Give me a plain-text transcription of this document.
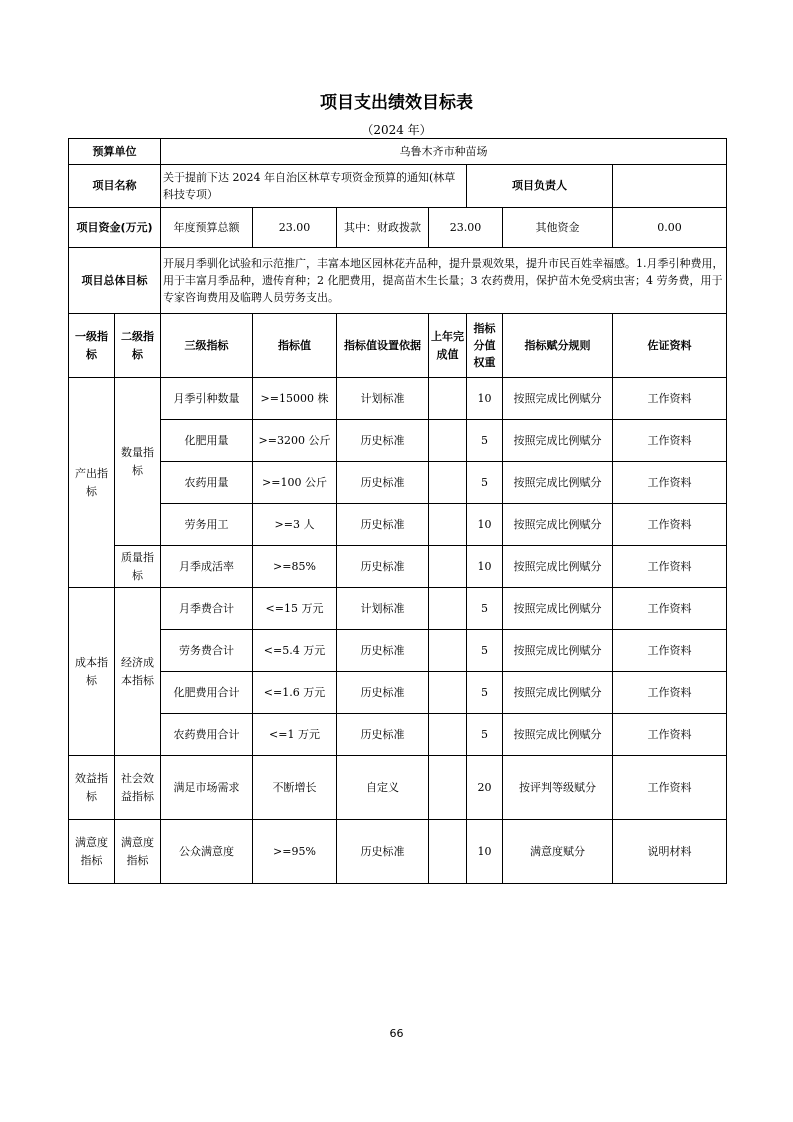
项目支出绩效目标表
（2024 年）
预算单位		乌鲁木齐市种苗场						
项目名称		关于提前下达 2024 年自治区林草专项资金预算的通知(林草科技专项）				项目负责人		
项目资金(万元)		年度预算总额	23.00	其中：财政拨款	23.00		其他资金	0.00
项目总体目标		开展月季驯化试验和示范推广，丰富本地区园林花卉品种，提升景观效果，提升市民百姓幸福感。1.月季引种费用，用于丰富月季品种，遗传育种；2 化肥费用，提高苗木生长量；3 农药费用，保护苗木免受病虫害；4 劳务费，用于专家咨询费用及临聘人员劳务支出。						
一级指标	二级指标	三级指标	指标值	指标值设置依据	上年完成值	指标分值权重	指标赋分规则	佐证资料
产出指标	数量指标	月季引种数量	>=15000 株	计划标准		10	按照完成比例赋分	工作资料
		化肥用量	>=3200 公斤	历史标准		5	按照完成比例赋分	工作资料
		农药用量	>=100 公斤	历史标准		5	按照完成比例赋分	工作资料
		劳务用工	>=3 人	历史标准		10	按照完成比例赋分	工作资料
	质量指标	月季成活率	>=85%	历史标准		10	按照完成比例赋分	工作资料
成本指标	经济成本指标	月季费合计	<=15 万元	计划标准		5	按照完成比例赋分	工作资料
		劳务费合计	<=5.4 万元	历史标准		5	按照完成比例赋分	工作资料
		化肥费用合计	<=1.6 万元	历史标准		5	按照完成比例赋分	工作资料
		农药费用合计	<=1 万元	历史标准		5	按照完成比例赋分	工作资料
效益指标	社会效益指标	满足市场需求	不断增长	自定义		20	按评判等级赋分	工作资料
满意度指标	满意度指标	公众满意度	>=95%	历史标准		10	满意度赋分	说明材料
66
